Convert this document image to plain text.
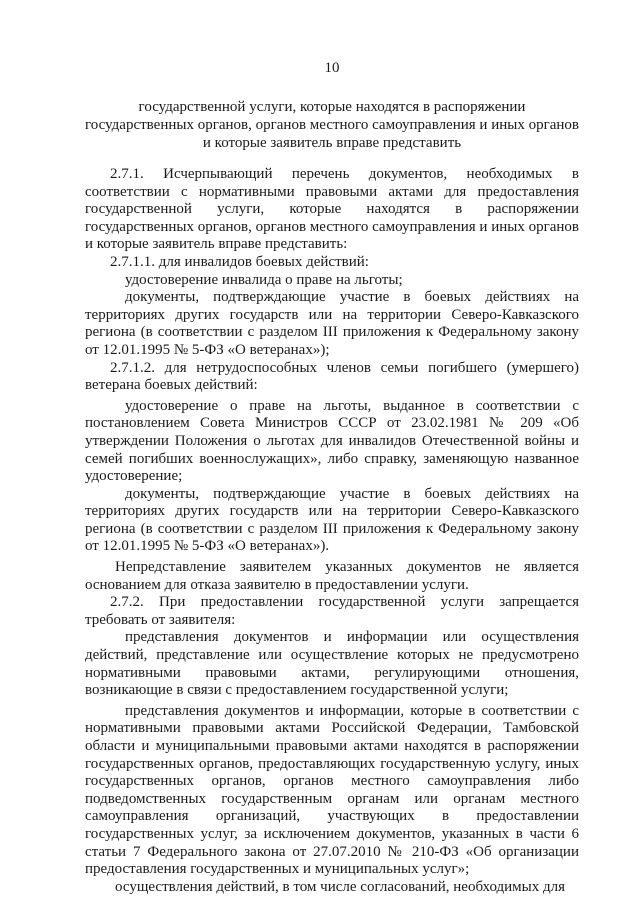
10
государственной услуги, которые находятся в распоряжении государственных органов, органов местного самоуправления и иных органов и которые заявитель вправе представить

2.7.1. Исчерпывающий перечень документов, необходимых в соответствии с нормативными правовыми актами для предоставления государственной услуги, которые находятся в распоряжении государственных органов, органов местного самоуправления и иных органов и которые заявитель вправе представить:

2.7.1.1. для инвалидов боевых действий:

удостоверение инвалида о праве на льготы;

документы, подтверждающие участие в боевых действиях на территориях других государств или на территории Северо-Кавказского региона (в соответствии с разделом III приложения к Федеральному закону от 12.01.1995 № 5-ФЗ «О ветеранах»);

2.7.1.2. для нетрудоспособных членов семьи погибшего (умершего) ветерана боевых действий:

удостоверение о праве на льготы, выданное в соответствии с постановлением Совета Министров СССР от 23.02.1981 № 209 «Об утверждении Положения о льготах для инвалидов Отечественной войны и семей погибших военнослужащих», либо справку, заменяющую названное удостоверение;

документы, подтверждающие участие в боевых действиях на территориях других государств или на территории Северо-Кавказского региона (в соответствии с разделом III приложения к Федеральному закону от 12.01.1995 № 5-ФЗ «О ветеранах»).

Непредставление заявителем указанных документов не является основанием для отказа заявителю в предоставлении услуги.

2.7.2. При предоставлении государственной услуги запрещается требовать от заявителя:

представления документов и информации или осуществления действий, представление или осуществление которых не предусмотрено нормативными правовыми актами, регулирующими отношения, возникающие в связи с предоставлением государственной услуги;

представления документов и информации, которые в соответствии с нормативными правовыми актами Российской Федерации, Тамбовской области и муниципальными правовыми актами находятся в распоряжении государственных органов, предоставляющих государственную услугу, иных государственных органов, органов местного самоуправления либо подведомственных государственным органам или органам местного самоуправления организаций, участвующих в предоставлении государственных услуг, за исключением документов, указанных в части 6 статьи 7 Федерального закона от 27.07.2010 № 210-ФЗ «Об организации предоставления государственных и муниципальных услуг»;

осуществления действий, в том числе согласований, необходимых для
